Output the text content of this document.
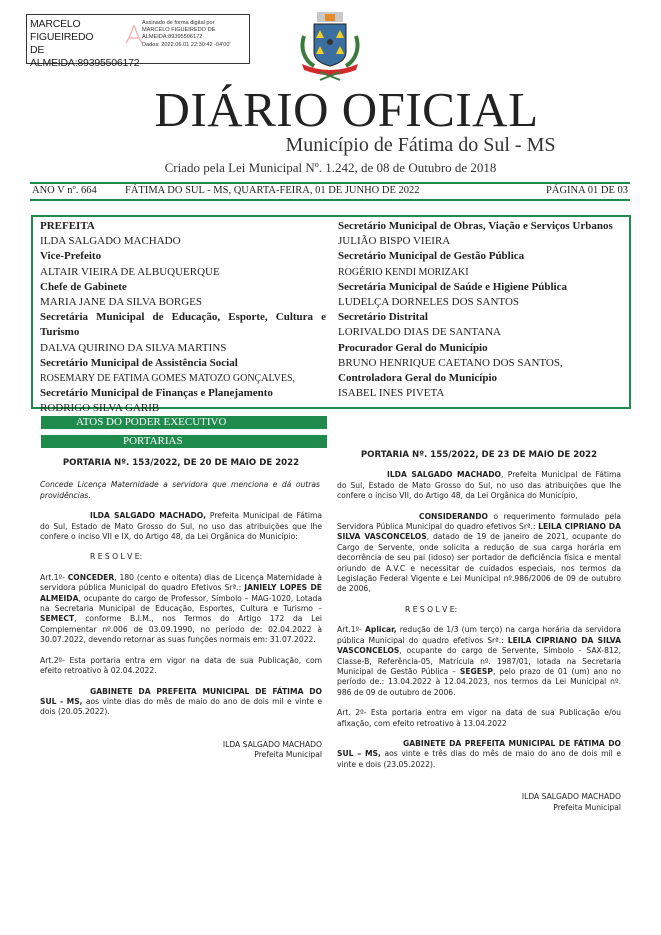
MARCELO FIGUEIREDO
DE
ALMEIDA:89395506172
Assinado de forma digital por
MARCELO FIGUEIREDO DE
ALMEIDA:89395506172
Dados: 2022.06.01 22:30:42 -04'00'
DIÁRIO OFICIAL
Município de Fátima do Sul - MS
Criado pela Lei Municipal Nº. 1.242, de 08 de Outubro de 2018
ANO V nº. 664	FÁTIMA DO SUL - MS, QUARTA-FEIRA, 01 DE JUNHO DE 2022	PÁGINA 01 DE 03
PREFEITA
ILDA SALGADO MACHADO
Vice-Prefeito
ALTAIR VIEIRA DE ALBUQUERQUE
Chefe de Gabinete
MARIA JANE DA SILVA BORGES
Secretária Municipal de Educação, Esporte, Cultura e Turismo
DALVA QUIRINO DA SILVA MARTINS
Secretário Municipal de Assistência Social
ROSEMARY DE FATIMA GOMES MATOZO GONÇALVES,
Secretário Municipal de Finanças e Planejamento
RODRIGO SILVA GARIB
Secretário Municipal de Obras, Viação e Serviços Urbanos
JULIÃO BISPO VIEIRA
Secretário Municipal de Gestão Pública
ROGÉRIO KENDI MORIZAKI
Secretária Municipal de Saúde e Higiene Pública
LUDELÇA DORNELES DOS SANTOS
Secretário Distrital
LORIVALDO DIAS DE SANTANA
Procurador Geral do Município
BRUNO HENRIQUE CAETANO DOS SANTOS,
Controladora Geral do Município
ISABEL INES PIVETA
ATOS DO PODER EXECUTIVO
PORTARIAS

PORTARIA Nº. 153/2022, DE 20 DE MAIO DE 2022

Concede Licença Maternidade a servidora que menciona e dá outras providências.

ILDA SALGADO MACHADO, Prefeita Municipal de Fátima do Sul, Estado de Mato Grosso do Sul, no uso das atribuições que lhe confere o inciso VII e IX, do Artigo 48, da Lei Orgânica do Município:

R E S O L V E:

Art.1º- CONCEDER, 180 (cento e oitenta) dias de Licença Maternidade à servidora pública Municipal do quadro Efetivos Srª.: JANIELY LOPES DE ALMEIDA, ocupante do cargo de Professor, Símbolo – MAG-1020, Lotada na Secretaria Municipal de Educação, Esportes, Cultura e Turismo – SEMECT, conforme B.I.M., nos Termos do Artigo 172 da Lei Complementar nº.006 de 03.09.1990, no período de: 02.04.2022 à 30.07.2022, devendo retornar as suas funções normais em: 31.07.2022.

Art.2º- Esta portaria entra em vigor na data de sua Publicação, com efeito retroativo à 02.04.2022.

GABINETE DA PREFEITA MUNICIPAL DE FÁTIMA DO SUL - MS, aos vinte dias do mês de maio do ano de dois mil e vinte e dois (20.05.2022).

ILDA SALGADO MACHADO

Prefeita Municipal

PORTARIA Nº. 155/2022, DE 23 DE MAIO DE 2022

ILDA SALGADO MACHADO, Prefeita Municipal de Fátima do Sul, Estado de Mato Grosso do Sul, no uso das atribuições que lhe confere o inciso VII, do Artigo 48, da Lei Orgânica do Município,

CONSIDERANDO o requerimento formulado pela Servidora Pública Municipal do quadro efetivos Srª.: LEILA CIPRIANO DA SILVA VASCONCELOS, datado de 19 de janeiro de 2021, ocupante do Cargo de Servente, onde solicita a redução de sua carga horária em decorrência de seu pai (idoso) ser portador de deficiência física e mental oriundo de A.V.C e necessitar de cuidados especiais, nos termos da Legislação Federal Vigente e Lei Municipal nº.986/2006 de 09 de outubro de 2006,

R E S O L V E:

Art.1º- Aplicar, redução de 1/3 (um terço) na carga horária da servidora pública Municipal do quadro efetivos Srª.: LEILA CIPRIANO DA SILVA VASCONCELOS, ocupante do cargo de Servente, Símbolo - SAX-812, Classe-B, Referência-05, Matrícula nº. 1987/01, lotada na Secretaria Municipal de Gestão Pública – SEGESP, pelo prazo de 01 (um) ano no período de.: 13.04.2022 à 12.04.2023, nos termos da Lei Municipal nº. 986 de 09 de outubro de 2006.

Art. 2º- Esta portaria entra em vigor na data de sua Publicação e/ou afixação, com efeito retroativo à 13.04.2022

GABINETE DA PREFEITA MUNICIPAL DE FÁTIMA DO SUL – MS, aos vinte e três dias do mês de maio do ano de dois mil e vinte e dois (23.05.2022).

ILDA SALGADO MACHADO

Prefeita Municipal
